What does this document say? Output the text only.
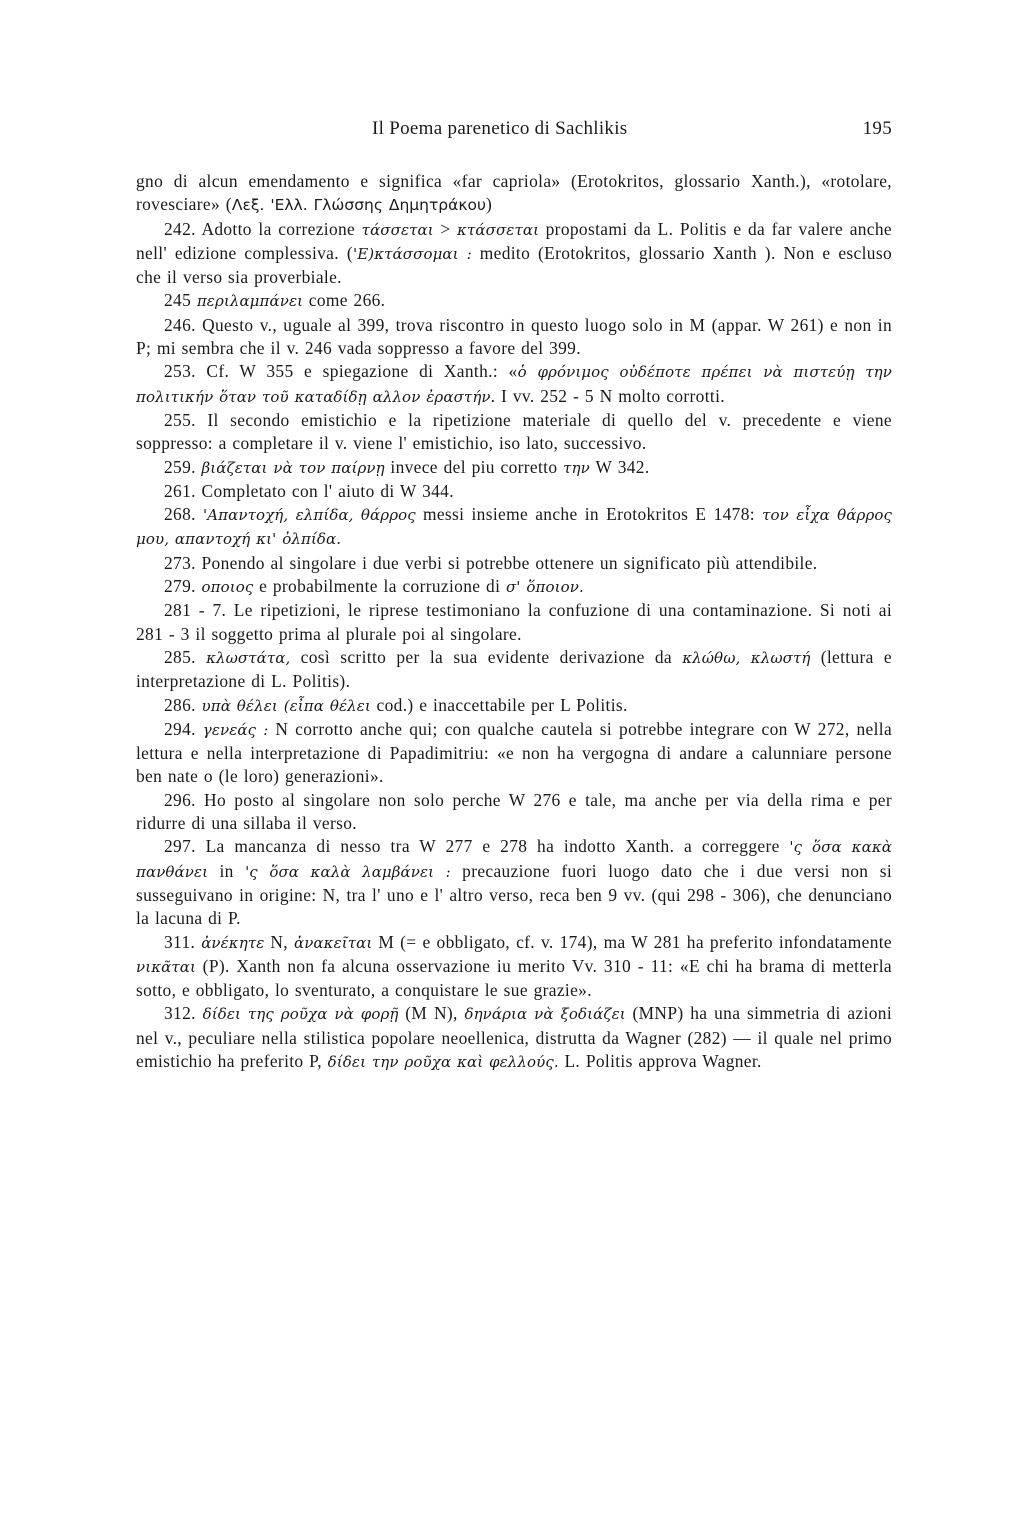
Il Poema parenetico di Sachlikis	195

gno di alcun emendamento e significa «far capriola» (Erotokritos, glossario Xanth.), «rotolare, rovesciare» (Λεξ. 'Ελλ. Γλώσσης Δημητράκου)

242. Adotto la correzione τάσσεται > κτάσσεται propostami da L. Politis e da far valere anche nell' edizione complessiva. ('Ε)κτάσσομαι : medito (Erotokritos, glossario Xanth ). Non e escluso che il verso sia proverbiale.

245 περιλαμπάνει come 266.

246. Questo v., uguale al 399, trova riscontro in questo luogo solo in M (appar. W 261) e non in P; mi sembra che il v. 246 vada soppresso a favore del 399.

253. Cf. W 355 e spiegazione di Xanth.: «ὁ φρόνιμος οὐδέποτε πρέπει νὰ πιστεύῃ την πολιτικήν ὅταν τοῦ καταδίδῃ αλλον ἐραστήν. I vv. 252 - 5 N molto corrotti.

255. Il secondo emistichio e la ripetizione materiale di quello del v. precedente e viene soppresso: a completare il v. viene l' emistichio, iso lato, successivo.

259. βιάζεται νὰ τον παίρνῃ invece del piu corretto την W 342.

261. Completato con l' aiuto di W 344.

268. 'Απαντοχή, ελπίδα, θάρρος messi insieme anche in Erotokritos E 1478: τον εἶχα θάρρος μου, απαντοχή κι' ὀλπίδα.

273. Ponendo al singolare i due verbi si potrebbe ottenere un significato più attendibile.

279. οποιος e probabilmente la corruzione di σ' ὅποιον.

281 - 7. Le ripetizioni, le riprese testimoniano la confuzione di una contaminazione. Si noti ai 281 - 3 il soggetto prima al plurale poi al singolare.

285. κλωστάτα, così scritto per la sua evidente derivazione da κλώθω, κλωστή (lettura e interpretazione di L. Politis).

286. υπὰ θέλει (εἶπα θέλει cod.) e inaccettabile per L Politis.

294. γενεάς : N corrotto anche qui; con qualche cautela si potrebbe integrare con W 272, nella lettura e nella interpretazione di Papadimitriu: «e non ha vergogna di andare a calunniare persone ben nate o (le loro) generazioni».

296. Ho posto al singolare non solo perche W 276 e tale, ma anche per via della rima e per ridurre di una sillaba il verso.

297. La mancanza di nesso tra W 277 e 278 ha indotto Xanth. a correggere 'ς ὅσα κακὰ πανθάνει in 'ς ὅσα καλὰ λαμβάνει : precauzione fuori luogo dato che i due versi non si susseguivano in origine: N, tra l' uno e l' altro verso, reca ben 9 vv. (qui 298 - 306), che denunciano la lacuna di P.

311. ἀνέκητε N, ἀνακεῖται M (= e obbligato, cf. v. 174), ma W 281 ha preferito infondatamente νικᾶται (P). Xanth non fa alcuna osservazione iu merito Vv. 310 - 11: «E chi ha brama di metterla sotto, e obbligato, lo sventurato, a conquistare le sue grazie».

312. δίδει της ροῦχα νὰ φορῇ (M N), δηνάρια νὰ ξοδιάζει (MNP) ha una simmetria di azioni nel v., peculiare nella stilistica popolare neoellenica, distrutta da Wagner (282) — il quale nel primo emistichio ha preferito P, δίδει την ροῦχα καὶ φελλούς. L. Politis approva Wagner.
